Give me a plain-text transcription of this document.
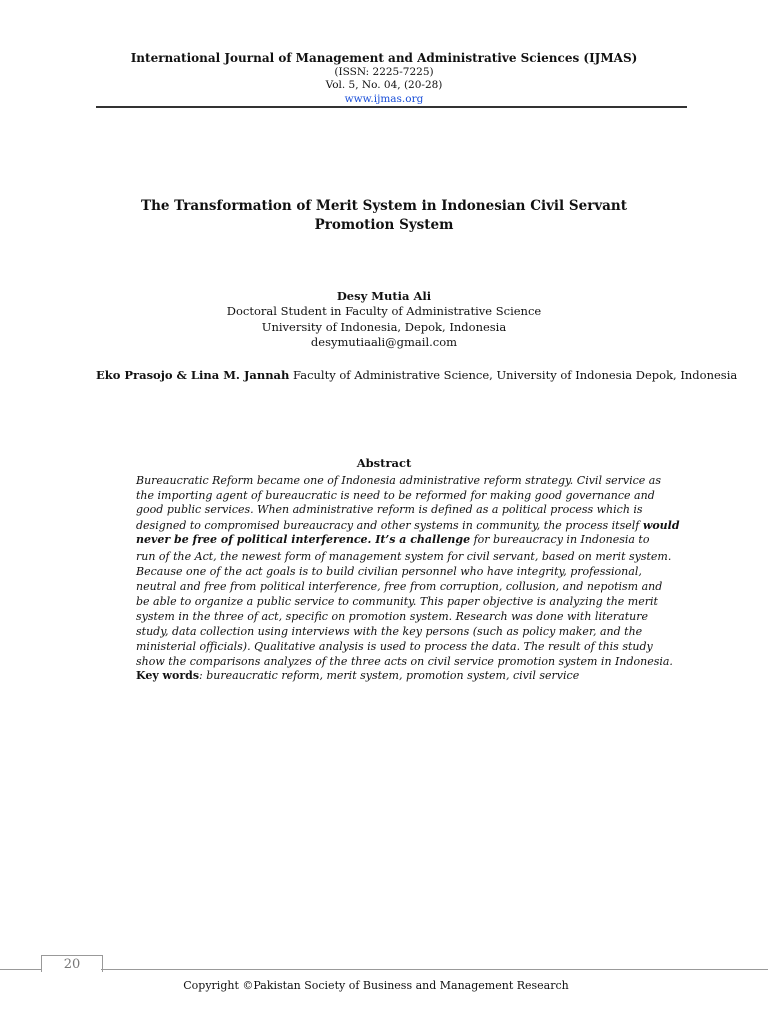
International Journal of Management and Administrative Sciences (IJMAS)
(ISSN: 2225-7225)
Vol. 5, No. 04, (20-28)
www.ijmas.org
The Transformation of Merit System in Indonesian Civil Servant
Promotion System
Desy Mutia Ali
Doctoral Student in Faculty of Administrative Science
University of Indonesia, Depok, Indonesia
desymutiaali@gmail.com
Eko Prasojo & Lina M. Jannah Faculty of Administrative Science, University of Indonesia Depok, Indonesia
Abstract
Bureaucratic Reform became one of Indonesia administrative reform strategy. Civil service as
the importing agent of bureaucratic is need to be reformed for making good governance and
good public services. When administrative reform is defined as a political process which is
designed to compromised bureaucracy and other systems in community, the process itself would
never be free of political interference. It’s a challenge for bureaucracy in Indonesia to
run of the Act, the newest form of management system for civil servant, based on merit system.
Because one of the act goals is to build civilian personnel who have integrity, professional,
neutral and free from political interference, free from corruption, collusion, and nepotism and
be able to organize a public service to community. This paper objective is analyzing the merit
system in the three of act, specific on promotion system. Research was done with literature
study, data collection using interviews with the key persons (such as policy maker, and the
ministerial officials). Qualitative analysis is used to process the data. The result of this study
show the comparisons analyzes of the three acts on civil service promotion system in Indonesia.
Key words: bureaucratic reform, merit system, promotion system, civil service
20
Copyright ©Pakistan Society of Business and Management Research
